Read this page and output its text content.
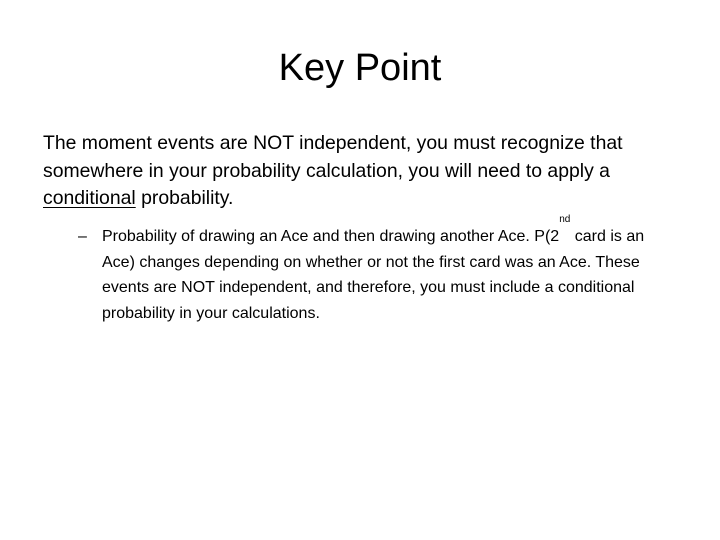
Key Point

The moment events are NOT independent, you must recognize that somewhere in your probability calculation, you will need to apply a conditional probability.

– Probability of drawing an Ace and then drawing another Ace. P(2nd card is an Ace) changes depending on whether or not the first card was an Ace. These events are NOT independent, and therefore, you must include a conditional probability in your calculations.
